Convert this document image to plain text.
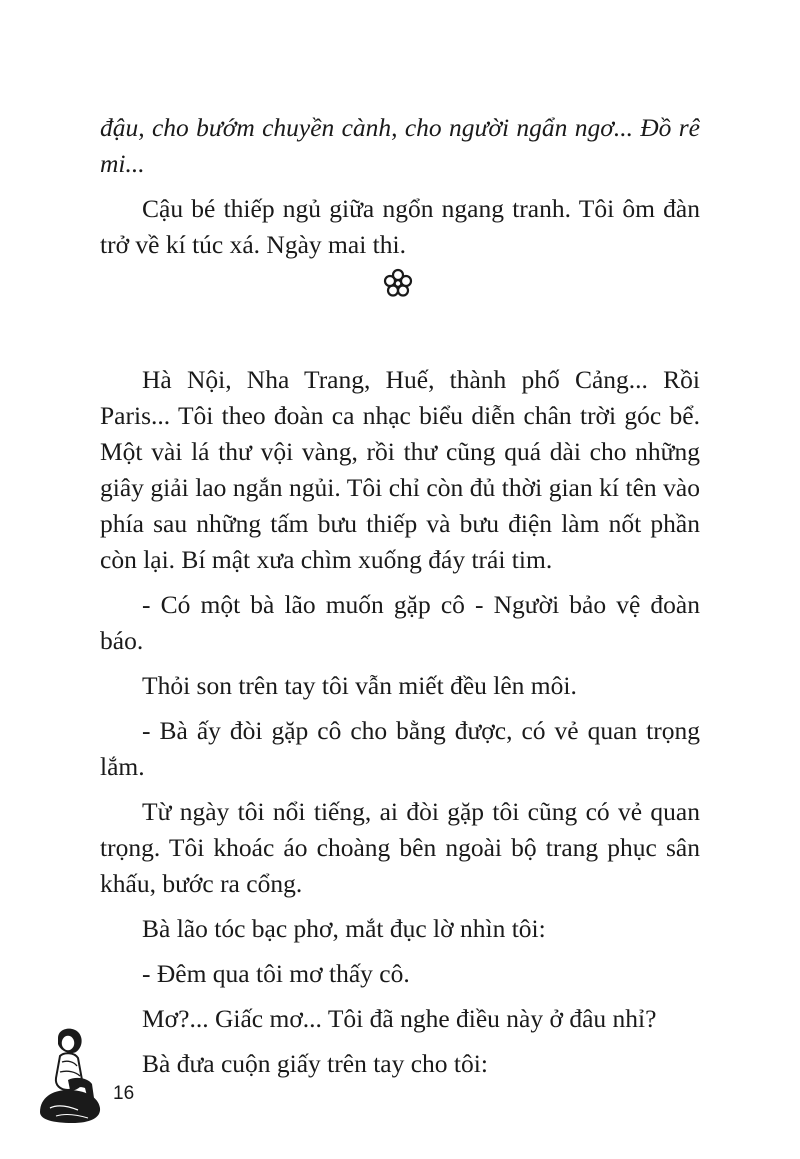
đậu, cho bướm chuyền cành, cho người ngẩn ngơ... Đồ rê mi...

Cậu bé thiếp ngủ giữa ngổn ngang tranh. Tôi ôm đàn trở về kí túc xá. Ngày mai thi.

Hà Nội, Nha Trang, Huế, thành phố Cảng... Rồi Paris... Tôi theo đoàn ca nhạc biểu diễn chân trời góc bể. Một vài lá thư vội vàng, rồi thư cũng quá dài cho những giây giải lao ngắn ngủi. Tôi chỉ còn đủ thời gian kí tên vào phía sau những tấm bưu thiếp và bưu điện làm nốt phần còn lại. Bí mật xưa chìm xuống đáy trái tim.

- Có một bà lão muốn gặp cô - Người bảo vệ đoàn báo.

Thỏi son trên tay tôi vẫn miết đều lên môi.

- Bà ấy đòi gặp cô cho bằng được, có vẻ quan trọng lắm.

Từ ngày tôi nổi tiếng, ai đòi gặp tôi cũng có vẻ quan trọng. Tôi khoác áo choàng bên ngoài bộ trang phục sân khấu, bước ra cổng.

Bà lão tóc bạc phơ, mắt đục lờ nhìn tôi:

- Đêm qua tôi mơ thấy cô.

Mơ?... Giấc mơ... Tôi đã nghe điều này ở đâu nhỉ?

Bà đưa cuộn giấy trên tay cho tôi:

16
